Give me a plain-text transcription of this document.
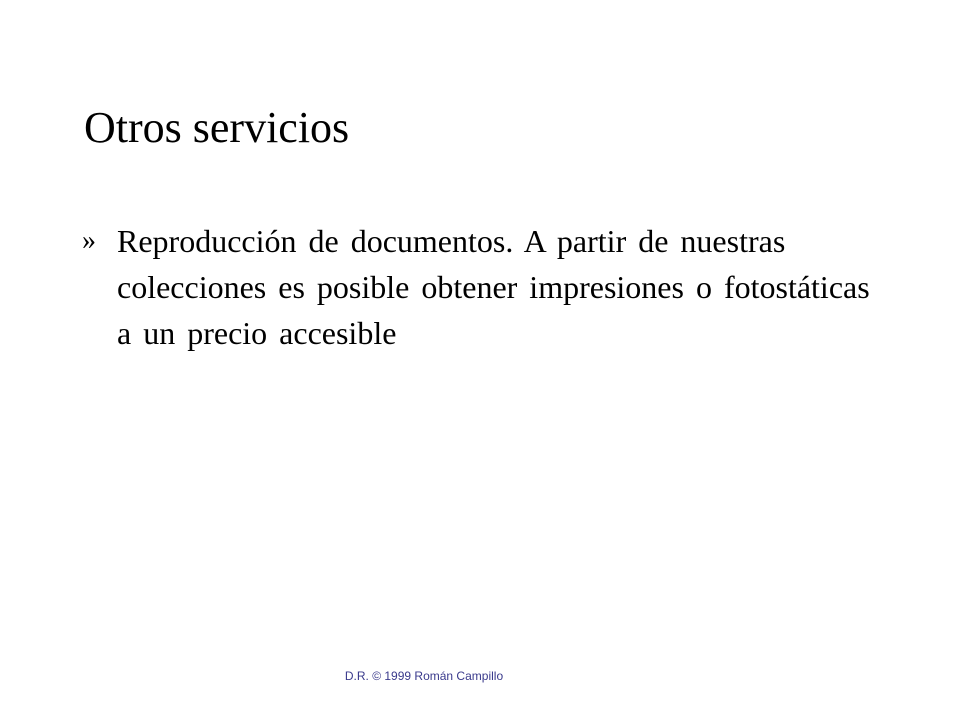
Otros servicios
» Reproducción de documentos. A partir de nuestras colecciones es posible obtener impresiones o fotostáticas a un precio accesible
D.R. © 1999 Román Campillo
